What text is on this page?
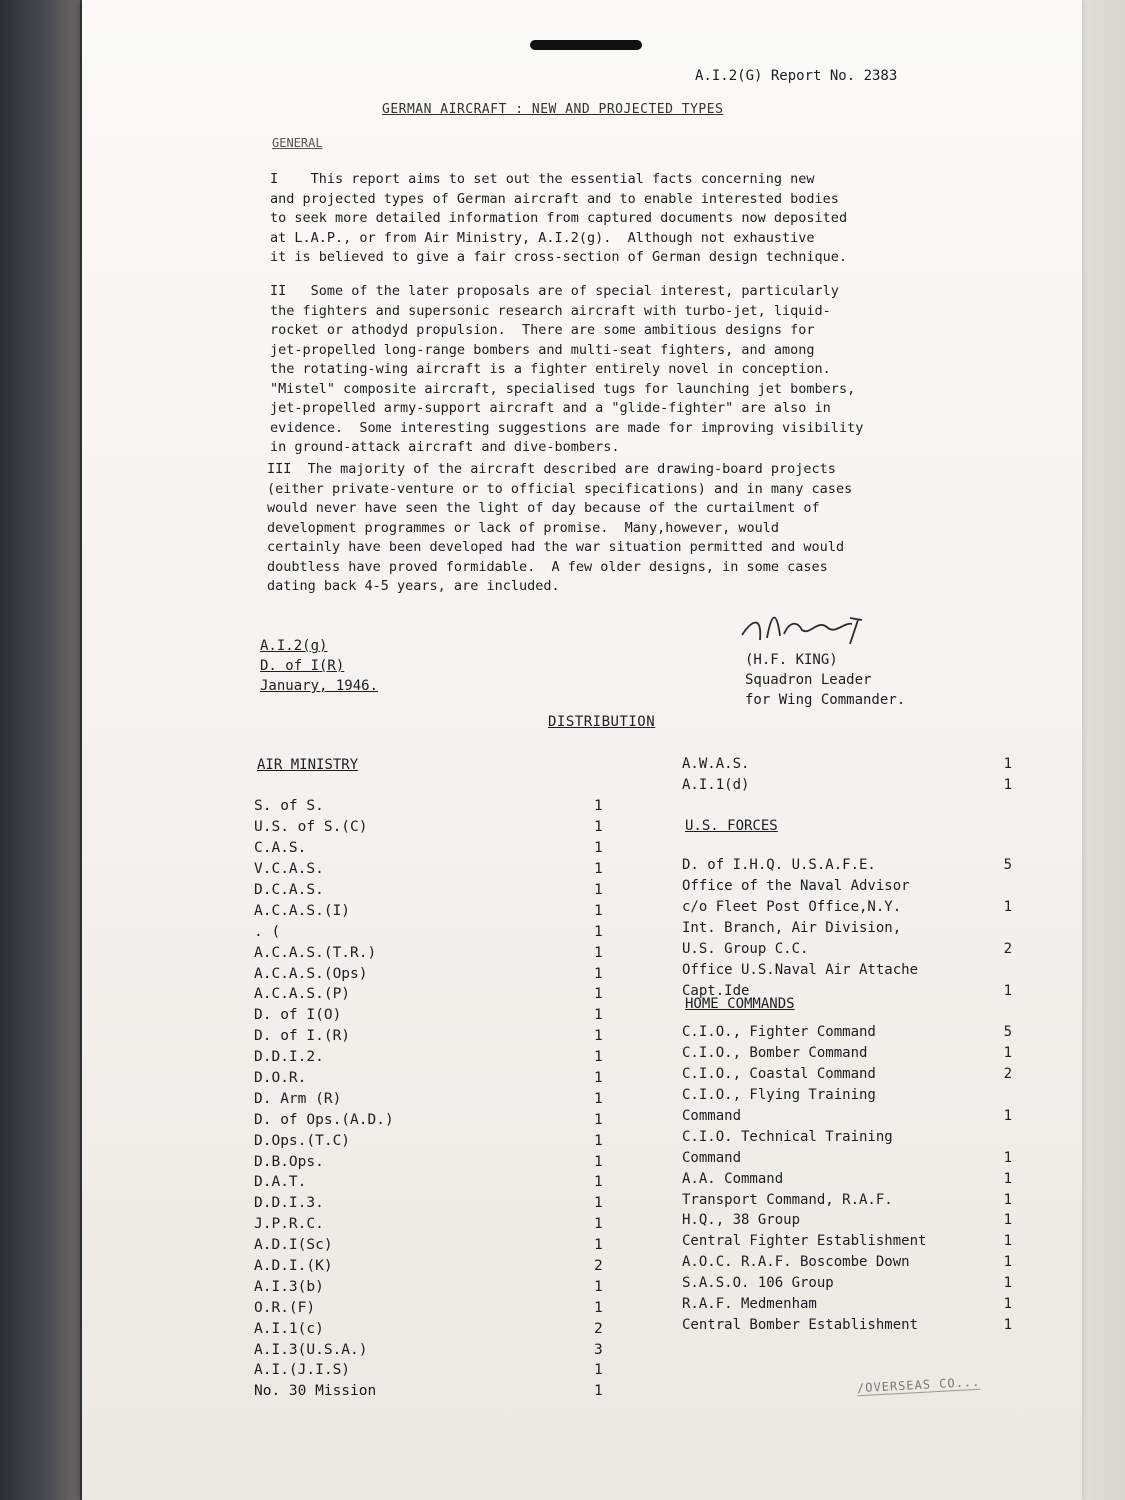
A.I.2(G) Report No. 2383
GERMAN AIRCRAFT : NEW AND PROJECTED TYPES
GENERAL

I    This report aims to set out the essential facts concerning new
and projected types of German aircraft and to enable interested bodies
to seek more detailed information from captured documents now deposited
at L.A.P., or from Air Ministry, A.I.2(g).  Although not exhaustive
it is believed to give a fair cross-section of German design technique.

II   Some of the later proposals are of special interest, particularly
the fighters and supersonic research aircraft with turbo-jet, liquid-
rocket or athodyd propulsion.  There are some ambitious designs for
jet-propelled long-range bombers and multi-seat fighters, and among
the rotating-wing aircraft is a fighter entirely novel in conception.
"Mistel" composite aircraft, specialised tugs for launching jet bombers,
jet-propelled army-support aircraft and a "glide-fighter" are also in
evidence.  Some interesting suggestions are made for improving visibility
in ground-attack aircraft and dive-bombers.

III  The majority of the aircraft described are drawing-board projects
(either private-venture or to official specifications) and in many cases
would never have seen the light of day because of the curtailment of
development programmes or lack of promise.  Many,however, would
certainly have been developed had the war situation permitted and would
doubtless have proved formidable.  A few older designs, in some cases
dating back 4-5 years, are included.

(H.F. KING)
Squadron Leader
for Wing Commander.
A.I.2(g)
D. of I(R)
January, 1946.
DISTRIBUTION
AIR MINISTRY
S. of S.	1
U.S. of S.(C)	1
C.A.S.	1
V.C.A.S.	1
D.C.A.S.	1
A.C.A.S.(I)	1
. (	1
A.C.A.S.(T.R.)	1
A.C.A.S.(Ops)	1
A.C.A.S.(P)	1
D. of I(O)	1
D. of I.(R)	1
D.D.I.2.	1
D.O.R.	1
D. Arm (R)	1
D. of Ops.(A.D.)	1
D.Ops.(T.C)	1
D.B.Ops.	1
D.A.T.	1
D.D.I.3.	1
J.P.R.C.	1
A.D.I(Sc)	1
A.D.I.(K)	2
A.I.3(b)	1
O.R.(F)	1
A.I.1(c)	2
A.I.3(U.S.A.)	3
A.I.(J.I.S)	1
No. 30 Mission	1
A.W.A.S.	1
A.I.1(d)	1
U.S. FORCES
D. of I.H.Q. U.S.A.F.E.	5
Office of the Naval Advisor
c/o Fleet Post Office,N.Y.	1
Int. Branch, Air Division,
U.S. Group C.C.	2
Office U.S.Naval Air Attache
Capt.Ide	1
HOME COMMANDS
C.I.O., Fighter Command	5
C.I.O., Bomber Command	1
C.I.O., Coastal Command	2
C.I.O., Flying Training
Command	1
C.I.O. Technical Training
Command	1
A.A. Command	1
Transport Command, R.A.F.	1
H.Q., 38 Group	1
Central Fighter Establishment	1
A.O.C. R.A.F. Boscombe Down	1
S.A.S.O. 106 Group	1
R.A.F. Medmenham	1
Central Bomber Establishment	1
/OVERSEAS CO...
